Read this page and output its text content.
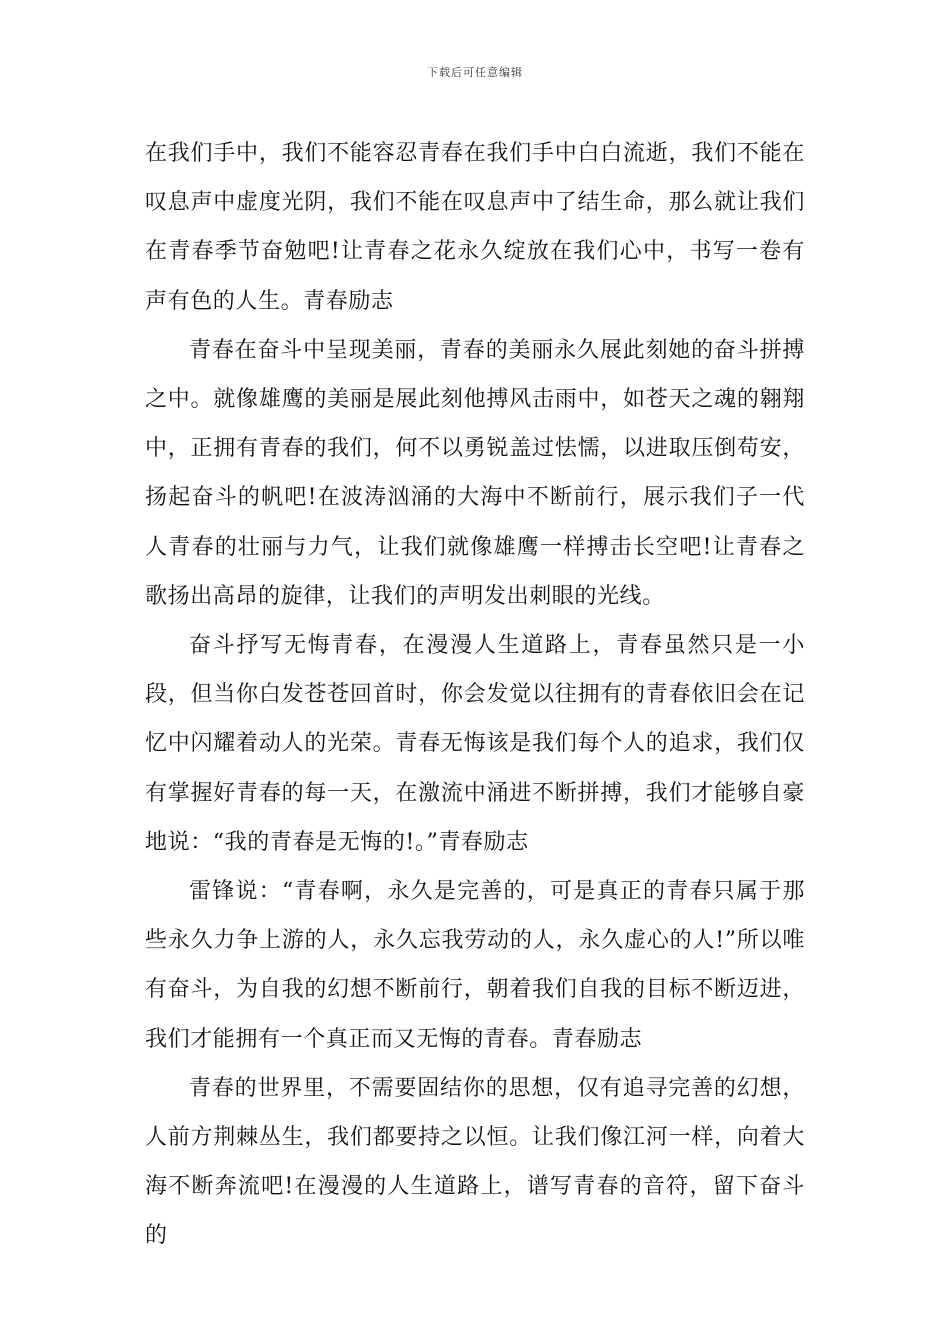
下载后可任意编辑

在我们手中，我们不能容忍青春在我们手中白白流逝，我们不能在叹息声中虚度光阴，我们不能在叹息声中了结生命，那么就让我们在青春季节奋勉吧!让青春之花永久绽放在我们心中，书写一卷有声有色的人生。青春励志

青春在奋斗中呈现美丽，青春的美丽永久展此刻她的奋斗拼搏之中。就像雄鹰的美丽是展此刻他搏风击雨中，如苍天之魂的翱翔中，正拥有青春的我们，何不以勇锐盖过怯懦，以进取压倒苟安，扬起奋斗的帆吧!在波涛汹涌的大海中不断前行，展示我们子一代人青春的壮丽与力气，让我们就像雄鹰一样搏击长空吧!让青春之歌扬出高昂的旋律，让我们的声明发出刺眼的光线。

奋斗抒写无悔青春，在漫漫人生道路上，青春虽然只是一小段，但当你白发苍苍回首时，你会发觉以往拥有的青春依旧会在记忆中闪耀着动人的光荣。青春无悔该是我们每个人的追求，我们仅有掌握好青春的每一天，在激流中涌进不断拼搏，我们才能够自豪地说：“我的青春是无悔的!。”青春励志

雷锋说：“青春啊，永久是完善的，可是真正的青春只属于那些永久力争上游的人，永久忘我劳动的人，永久虚心的人!”所以唯有奋斗，为自我的幻想不断前行，朝着我们自我的目标不断迈进，我们才能拥有一个真正而又无悔的青春。青春励志

青春的世界里，不需要固结你的思想，仅有追寻完善的幻想，人前方荆棘丛生，我们都要持之以恒。让我们像江河一样，向着大海不断奔流吧!在漫漫的人生道路上，谱写青春的音符，留下奋斗的
